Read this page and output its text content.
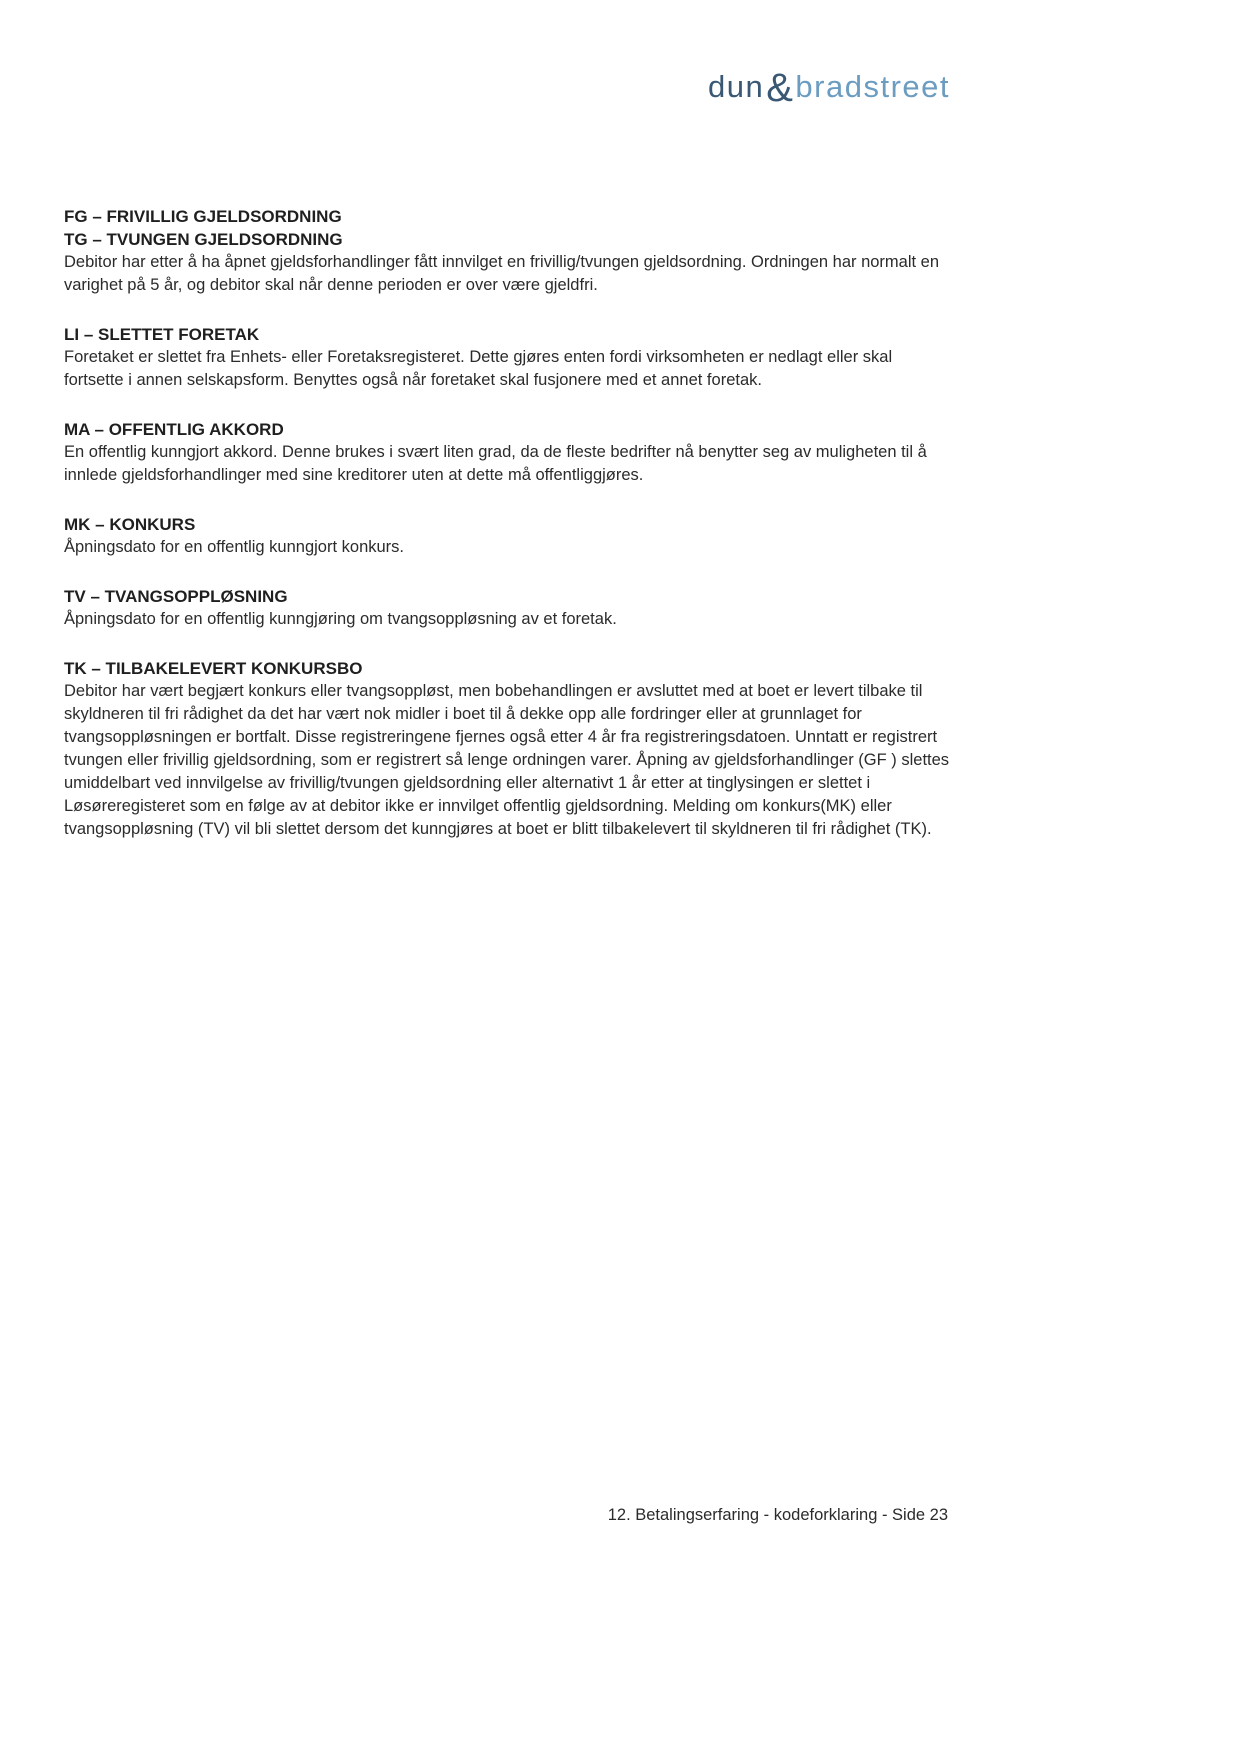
dun&bradstreet
FG – FRIVILLIG GJELDSORDNING
TG – TVUNGEN GJELDSORDNING

Debitor har etter å ha åpnet gjeldsforhandlinger fått innvilget en frivillig/tvungen gjeldsordning. Ordningen har normalt en varighet på 5 år, og debitor skal når denne perioden er over være gjeldfri.

LI – SLETTET FORETAK

Foretaket er slettet fra Enhets- eller Foretaksregisteret. Dette gjøres enten fordi virksomheten er nedlagt eller skal fortsette i annen selskapsform. Benyttes også når foretaket skal fusjonere med et annet foretak.

MA – OFFENTLIG AKKORD

En offentlig kunngjort akkord. Denne brukes i svært liten grad, da de fleste bedrifter nå benytter seg av muligheten til å innlede gjeldsforhandlinger med sine kreditorer uten at dette må offentliggjøres.

MK – KONKURS

Åpningsdato for en offentlig kunngjort konkurs.

TV – TVANGSOPPLØSNING

Åpningsdato for en offentlig kunngjøring om tvangsoppløsning av et foretak.

TK – TILBAKELEVERT KONKURSBO

Debitor har vært begjært konkurs eller tvangsoppløst, men bobehandlingen er avsluttet med at boet er levert tilbake til skyldneren til fri rådighet da det har vært nok midler i boet til å dekke opp alle fordringer eller at grunnlaget for tvangsoppløsningen er bortfalt. Disse registreringene fjernes også etter 4 år fra registreringsdatoen. Unntatt er registrert tvungen eller frivillig gjeldsordning, som er registrert så lenge ordningen varer. Åpning av gjeldsforhandlinger (GF ) slettes umiddelbart ved innvilgelse av frivillig/tvungen gjeldsordning eller alternativt 1 år etter at tinglysingen er slettet i Løsøreregisteret som en følge av at debitor ikke er innvilget offentlig gjeldsordning. Melding om konkurs(MK) eller tvangsoppløsning (TV) vil bli slettet dersom det kunngjøres at boet er blitt tilbakelevert til skyldneren til fri rådighet (TK).

12. Betalingserfaring - kodeforklaring - Side 23
